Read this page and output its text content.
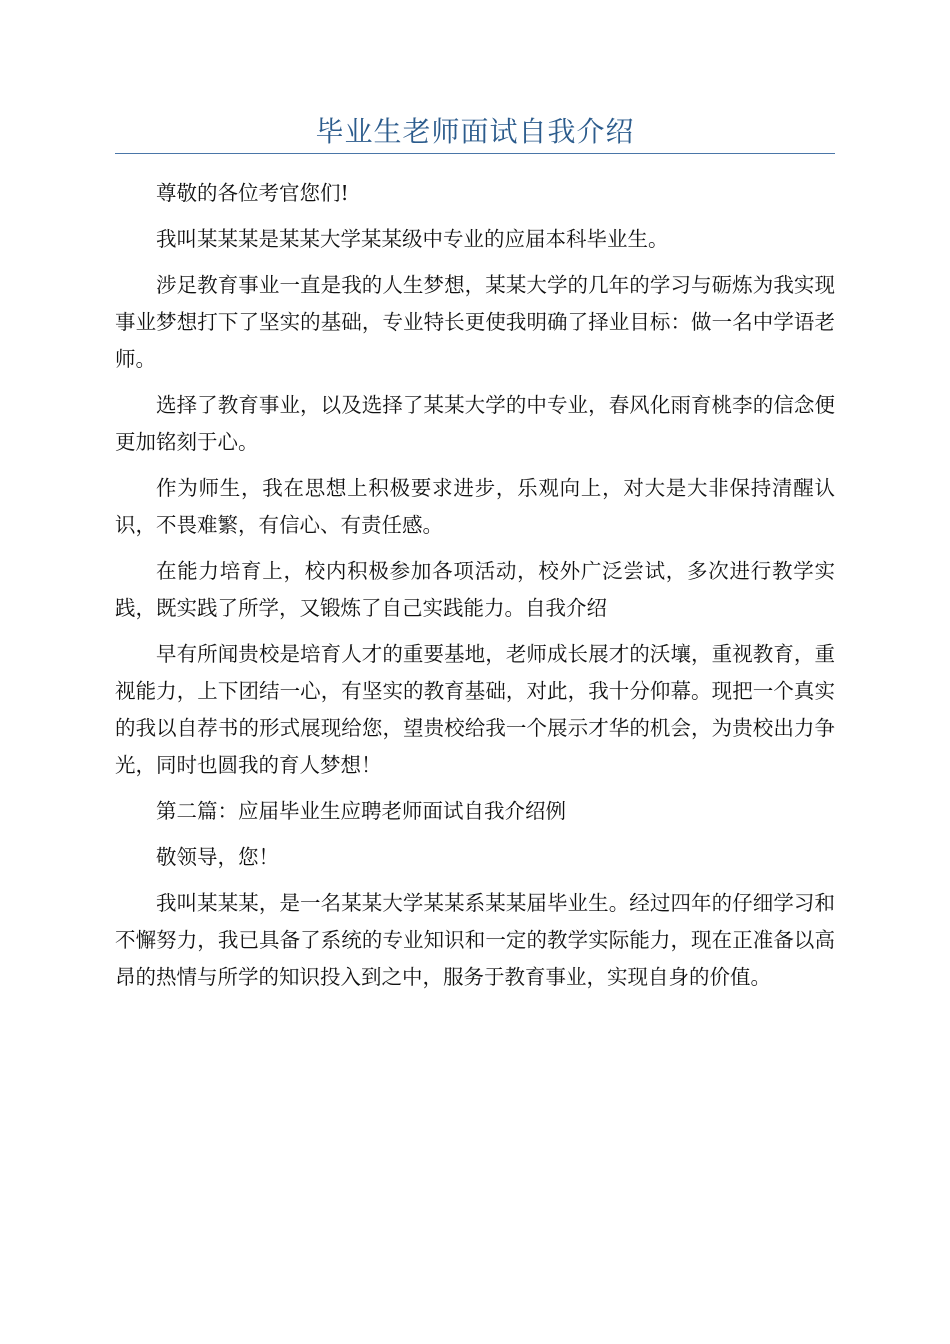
毕业生老师面试自我介绍

尊敬的各位考官您们!

我叫某某某是某某大学某某级中专业的应届本科毕业生。

涉足教育事业一直是我的人生梦想，某某大学的几年的学习与砺炼为我实现事业梦想打下了坚实的基础，专业特长更使我明确了择业目标：做一名中学语老师。

选择了教育事业，以及选择了某某大学的中专业，春风化雨育桃李的信念便更加铭刻于心。

作为师生，我在思想上积极要求进步，乐观向上，对大是大非保持清醒认识，不畏难繁，有信心、有责任感。

在能力培育上，校内积极参加各项活动，校外广泛尝试，多次进行教学实践，既实践了所学，又锻炼了自己实践能力。自我介绍

早有所闻贵校是培育人才的重要基地，老师成长展才的沃壤，重视教育，重视能力，上下团结一心，有坚实的教育基础，对此，我十分仰幕。现把一个真实的我以自荐书的形式展现给您，望贵校给我一个展示才华的机会，为贵校出力争光，同时也圆我的育人梦想！

第二篇：应届毕业生应聘老师面试自我介绍例

敬领导，您！

我叫某某某，是一名某某大学某某系某某届毕业生。经过四年的仔细学习和不懈努力，我已具备了系统的专业知识和一定的教学实际能力，现在正准备以高昂的热情与所学的知识投入到之中，服务于教育事业，实现自身的价值。
